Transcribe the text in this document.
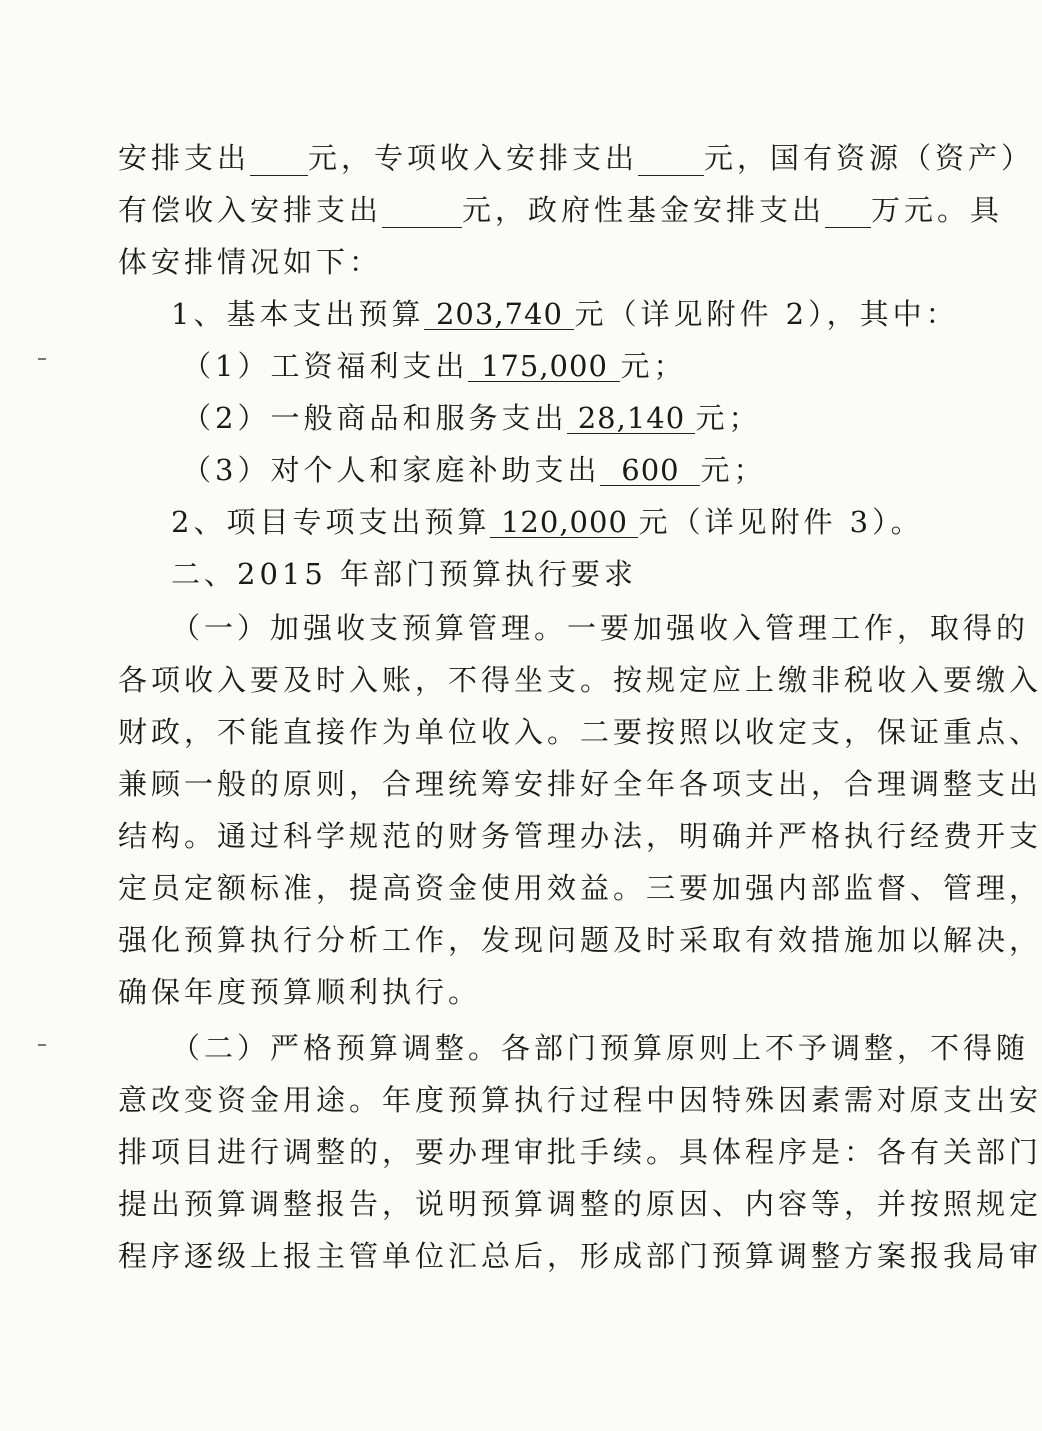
安排支出 元，专项收入安排支出 元，国有资源（资产）
有偿收入安排支出	元，政府性基金安排支出 万元。具
体安排情况如下：
1、基本支出预算 203,740 元（详见附件 2），其中：
（1）工资福利支出 175,000 元；
（2）一般商品和服务支出 28,140 元；
（3）对个人和家庭补助支出 600 元；
2、项目专项支出预算 120,000 元（详见附件 3）。
二、2015 年部门预算执行要求
（一）加强收支预算管理。一要加强收入管理工作，取得的
各项收入要及时入账，不得坐支。按规定应上缴非税收入要缴入
财政，不能直接作为单位收入。二要按照以收定支，保证重点、
兼顾一般的原则，合理统筹安排好全年各项支出，合理调整支出
结构。通过科学规范的财务管理办法，明确并严格执行经费开支
定员定额标准，提高资金使用效益。三要加强内部监督、管理，
强化预算执行分析工作，发现问题及时采取有效措施加以解决，
确保年度预算顺利执行。
（二）严格预算调整。各部门预算原则上不予调整，不得随
意改变资金用途。年度预算执行过程中因特殊因素需对原支出安
排项目进行调整的，要办理审批手续。具体程序是：各有关部门
提出预算调整报告，说明预算调整的原因、内容等，并按照规定
程序逐级上报主管单位汇总后，形成部门预算调整方案报我局审
